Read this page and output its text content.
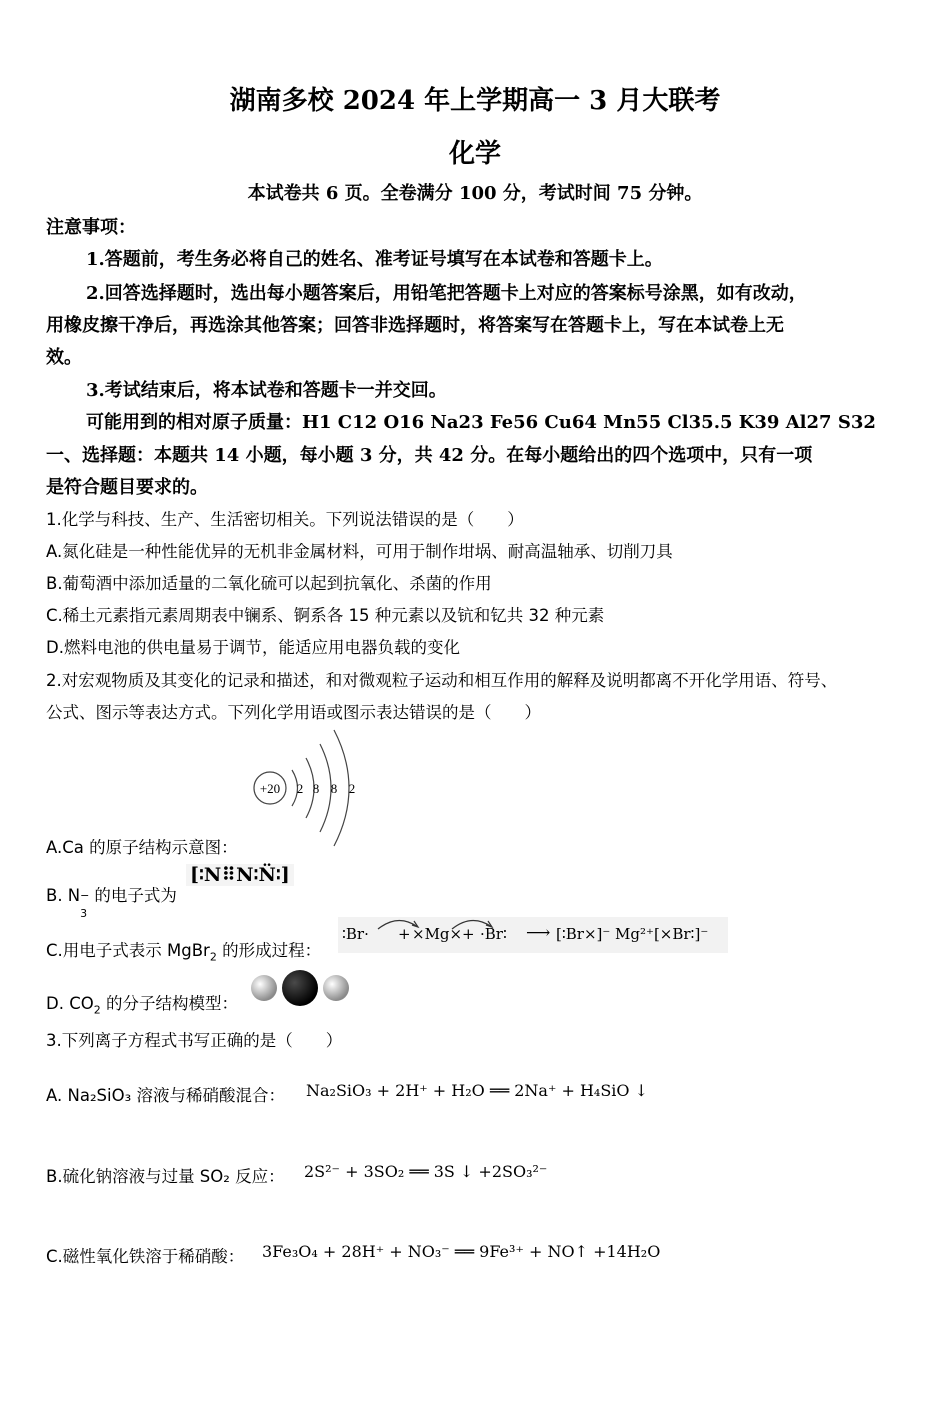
湖南多校 2024 年上学期高一 3 月大联考
化学
本试卷共 6 页。全卷满分 100 分，考试时间 75 分钟。
注意事项：
1.答题前，考生务必将自己的姓名、准考证号填写在本试卷和答题卡上。
2.回答选择题时，选出每小题答案后，用铅笔把答题卡上对应的答案标号涂黑，如有改动，
用橡皮擦干净后，再选涂其他答案；回答非选择题时，将答案写在答题卡上，写在本试卷上无
效。
3.考试结束后，将本试卷和答题卡一并交回。
可能用到的相对原子质量：H1 C12 O16 Na23 Fe56 Cu64 Mn55 Cl35.5 K39 Al27 S32
一、选择题：本题共 14 小题，每小题 3 分，共 42 分。在每小题给出的四个选项中，只有一项
是符合题目要求的。
1.化学与科技、生产、生活密切相关。下列说法错误的是（　　）
A.氮化硅是一种性能优异的无机非金属材料，可用于制作坩埚、耐高温轴承、切削刀具
B.葡萄酒中添加适量的二氧化硫可以起到抗氧化、杀菌的作用
C.稀土元素指元素周期表中镧系、锕系各 15 种元素以及钪和钇共 32 种元素
D.燃料电池的供电量易于调节，能适应用电器负载的变化
2.对宏观物质及其变化的记录和描述，和对微观粒子运动和相互作用的解释及说明都离不开化学用语、符号、
公式、图示等表达方式。下列化学用语或图示表达错误的是（　　）
+20 2 8 8 2
A.Ca 的原子结构示意图：
B. N −
3
的电子式为
[∶N⠿N∶N̈∶]
C.用电子式表示 MgBr$_2$ 的形成过程：
∶Br· + ×Mg× + ·Br∶ ⟶ [∶Br×]⁻ Mg²⁺[×Br∶]⁻
D. $CO_2$ 的分子结构模型：
3.下列离子方程式书写正确的是（　　）
A. Na₂SiO₃ 溶液与稀硝酸混合： Na₂SiO₃ + 2H⁺ + H₂O ══ 2Na⁺ + H₄SiO ↓
B.硫化钠溶液与过量 SO₂ 反应： 2S²⁻ + 3SO₂ ══ 3S ↓ +2SO₃²⁻
C.磁性氧化铁溶于稀硝酸： 3Fe₃O₄ + 28H⁺ + NO₃⁻ ══ 9Fe³⁺ + NO↑ +14H₂O
